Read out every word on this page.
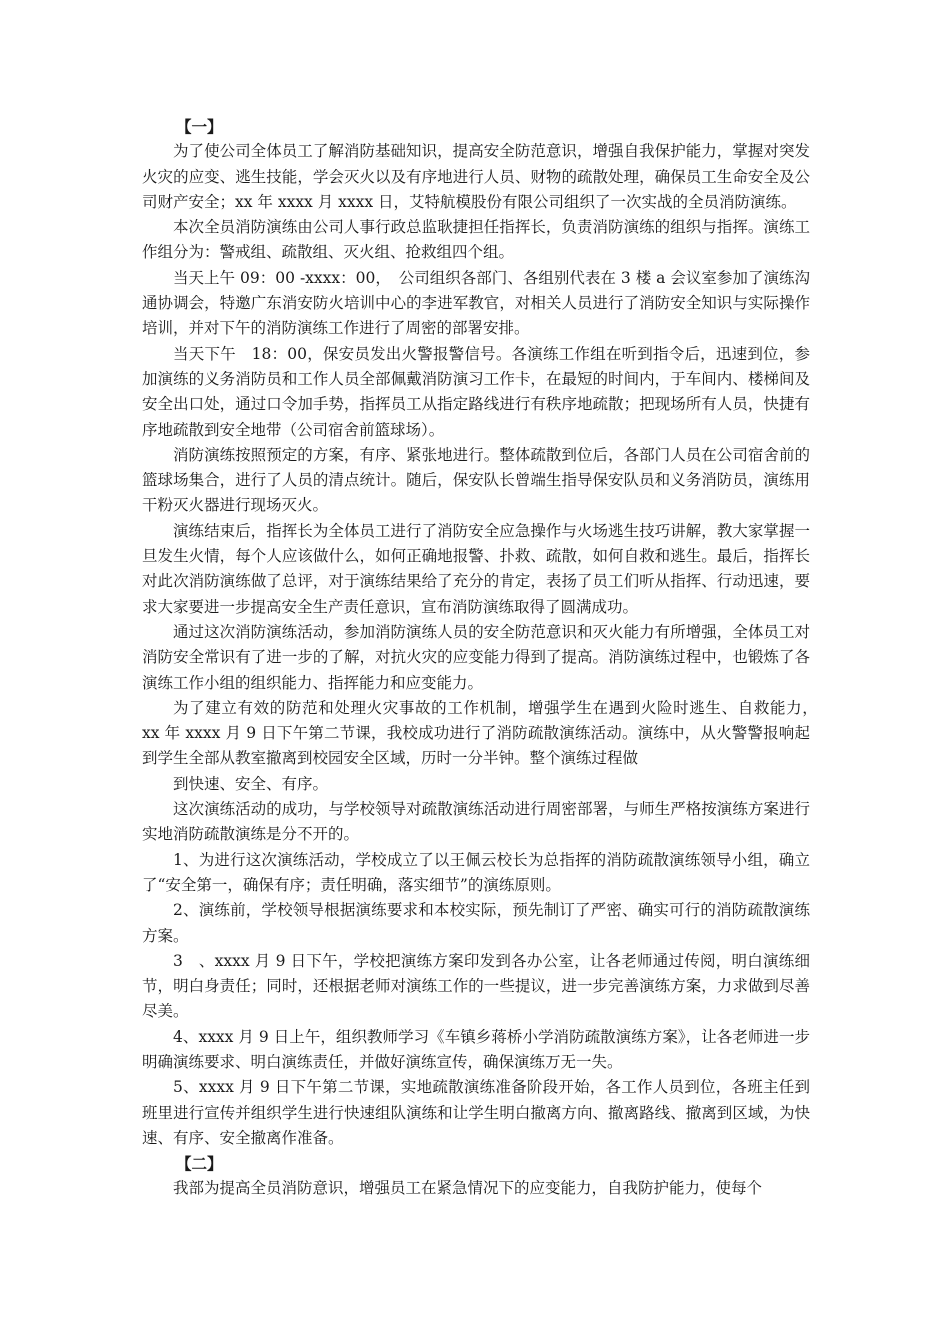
【一】

为了使公司全体员工了解消防基础知识，提高安全防范意识，增强自我保护能力，掌握对突发火灾的应变、逃生技能，学会灭火以及有序地进行人员、财物的疏散处理，确保员工生命安全及公司财产安全；xx 年 xxxx 月 xxxx 日，艾特航模股份有限公司组织了一次实战的全员消防演练。

本次全员消防演练由公司人事行政总监耿捷担任指挥长，负责消防演练的组织与指挥。演练工作组分为：警戒组、疏散组、灭火组、抢救组四个组。

当天上午 09：00 -xxxx：00，　公司组织各部门、各组别代表在 3 楼 a 会议室参加了演练沟通协调会，特邀广东消安防火培训中心的李进军教官，对相关人员进行了消防安全知识与实际操作培训，并对下午的消防演练工作进行了周密的部署安排。

当天下午　18：00，保安员发出火警报警信号。各演练工作组在听到指令后，迅速到位，参加演练的义务消防员和工作人员全部佩戴消防演习工作卡，在最短的时间内，于车间内、楼梯间及安全出口处，通过口令加手势，指挥员工从指定路线进行有秩序地疏散；把现场所有人员，快捷有序地疏散到安全地带（公司宿舍前篮球场）。

消防演练按照预定的方案，有序、紧张地进行。整体疏散到位后，各部门人员在公司宿舍前的篮球场集合，进行了人员的清点统计。随后，保安队长曾端生指导保安队员和义务消防员，演练用干粉灭火器进行现场灭火。

演练结束后，指挥长为全体员工进行了消防安全应急操作与火场逃生技巧讲解，教大家掌握一旦发生火情，每个人应该做什么，如何正确地报警、扑救、疏散，如何自救和逃生。最后，指挥长对此次消防演练做了总评，对于演练结果给了充分的肯定，表扬了员工们听从指挥、行动迅速，要求大家要进一步提高安全生产责任意识，宣布消防演练取得了圆满成功。

通过这次消防演练活动，参加消防演练人员的安全防范意识和灭火能力有所增强，全体员工对消防安全常识有了进一步的了解，对抗火灾的应变能力得到了提高。消防演练过程中，也锻炼了各演练工作小组的组织能力、指挥能力和应变能力。

为了建立有效的防范和处理火灾事故的工作机制，增强学生在遇到火险时逃生、自救能力，　xx 年 xxxx 月 9 日下午第二节课，我校成功进行了消防疏散演练活动。演练中，从火警警报响起到学生全部从教室撤离到校园安全区域，历时一分半钟。整个演练过程做

到快速、安全、有序。

这次演练活动的成功，与学校领导对疏散演练活动进行周密部署，与师生严格按演练方案进行实地消防疏散演练是分不开的。

1、为进行这次演练活动，学校成立了以王佩云校长为总指挥的消防疏散演练领导小组，确立了“安全第一，确保有序；责任明确，落实细节”的演练原则。

2、演练前，学校领导根据演练要求和本校实际，预先制订了严密、确实可行的消防疏散演练方案。

3　、xxxx 月 9 日下午，学校把演练方案印发到各办公室，让各老师通过传阅，明白演练细节，明白身责任；同时，还根据老师对演练工作的一些提议，进一步完善演练方案，力求做到尽善尽美。

4、xxxx 月 9 日上午，组织教师学习《车镇乡蒋桥小学消防疏散演练方案》，让各老师进一步明确演练要求、明白演练责任，并做好演练宣传，确保演练万无一失。

5、xxxx 月 9 日下午第二节课，实地疏散演练准备阶段开始，各工作人员到位，各班主任到班里进行宣传并组织学生进行快速组队演练和让学生明白撤离方向、撤离路线、撤离到区域，为快速、有序、安全撤离作准备。

【二】

我部为提高全员消防意识，增强员工在紧急情况下的应变能力，自我防护能力，使每个
